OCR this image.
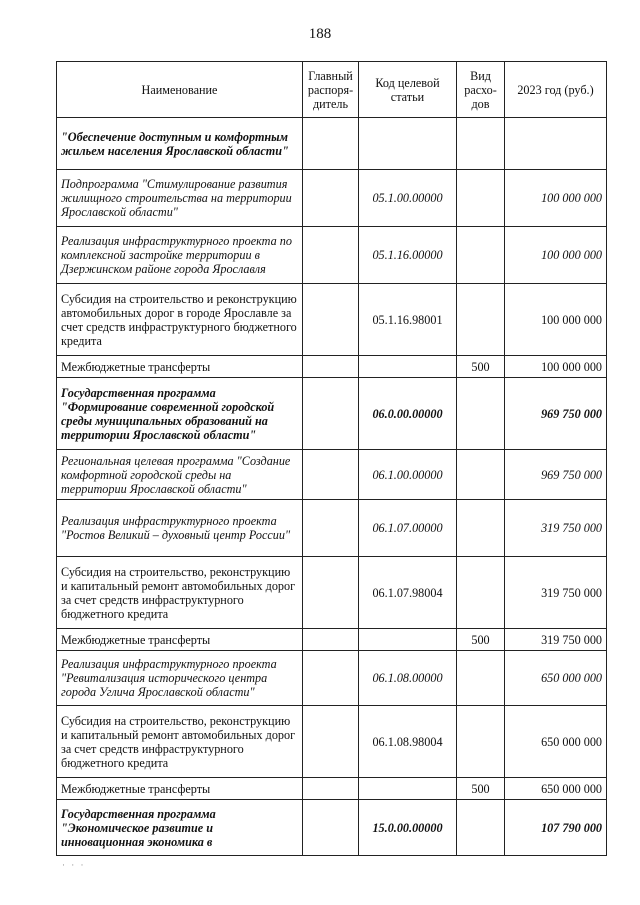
188
Наименование	Главный распоря-дитель	Код целевой статьи	Вид расхо-дов	2023 год (руб.)
"Обеспечение доступным и комфортным жильем населения Ярославской области"				
Подпрограмма "Стимулирование развития жилищного строительства на территории Ярославской области"		05.1.00.00000		100 000 000
Реализация инфраструктурного проекта по комплексной застройке территории в Дзержинском районе города Ярославля		05.1.16.00000		100 000 000
Субсидия на строительство и реконструкцию автомобильных дорог в городе Ярославле за счет средств инфраструктурного бюджетного кредита		05.1.16.98001		100 000 000
Межбюджетные трансферты			500	100 000 000
Государственная программа "Формирование современной городской среды муниципальных образований на территории Ярославской области"		06.0.00.00000		969 750 000
Региональная целевая программа "Создание комфортной городской среды на территории Ярославской области"		06.1.00.00000		969 750 000
Реализация инфраструктурного проекта "Ростов Великий – духовный центр России"		06.1.07.00000		319 750 000
Субсидия на строительство, реконструкцию и капитальный ремонт автомобильных дорог за счет средств инфраструктурного бюджетного кредита		06.1.07.98004		319 750 000
Межбюджетные трансферты			500	319 750 000
Реализация инфраструктурного проекта "Ревитализация исторического центра города Углича Ярославской области"		06.1.08.00000		650 000 000
Субсидия на строительство, реконструкцию и капитальный ремонт автомобильных дорог за счет средств инфраструктурного бюджетного кредита		06.1.08.98004		650 000 000
Межбюджетные трансферты			500	650 000 000
Государственная программа "Экономическое развитие и инновационная экономика в		15.0.00.00000		107 790 000
· · ·
